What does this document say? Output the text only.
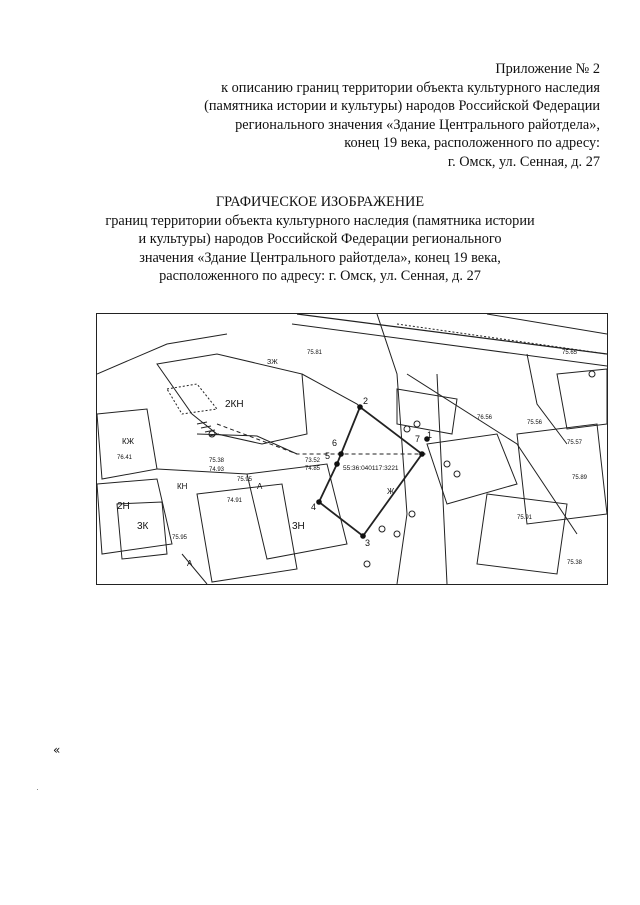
Приложение № 2
к описанию границ территории объекта культурного наследия
(памятника истории и культуры) народов Российской Федерации
регионального значения «Здание Центрального райотдела»,
конец 19 века, расположенного по адресу:
г. Омск, ул. Сенная, д. 27
ГРАФИЧЕСКОЕ ИЗОБРАЖЕНИЕ
границ территории объекта культурного наследия (памятника истории
и культуры) народов Российской Федерации регионального
значения «Здание Центрального райотдела», конец 19 века,
расположенного по адресу: г. Омск, ул. Сенная, д. 27
1
2
3
4
5
6	7
55:36:040117:3221
2КН
3Н
3К
2Н
ЗЖ
КЖ
КН
Ж
А
А
75.38
74.93
75.95
74.91
73.52
74.85
75.81	75.65
75.56
75.57
75.89
75.91
75.38
76.41
75.95
76.56
«
